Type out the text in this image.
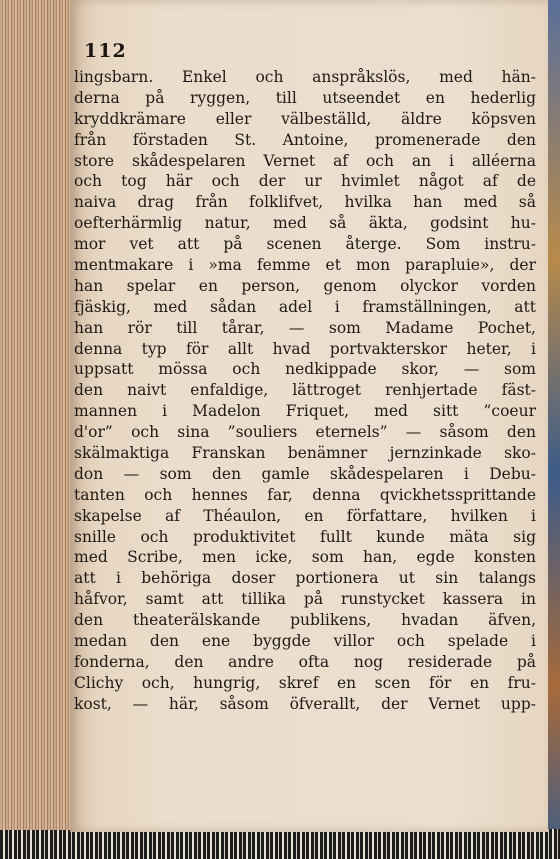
112
lingsbarn. Enkel och anspråkslös, med hän-
derna på ryggen, till utseendet en hederlig
kryddkrämare eller välbeställd, äldre köpsven
från förstaden St. Antoine, promenerade den
store skådespelaren Vernet af och an i alléerna
och tog här och der ur hvimlet något af de
naiva drag från folklifvet, hvilka han med så
oefterhärmlig natur, med så äkta, godsint hu-
mor vet att på scenen återge. Som instru-
mentmakare i »ma femme et mon parapluie», der
han spelar en person, genom olyckor vorden
fjäskig, med sådan adel i framställningen, att
han rör till tårar, — som Madame Pochet,
denna typ för allt hvad portvakterskor heter, i
uppsatt mössa och nedkippade skor, — som
den naivt enfaldige, lättroget renhjertade fäst-
mannen i Madelon Friquet, med sitt ”coeur
d'or” och sina ”souliers eternels” — såsom den
skälmaktiga Franskan benämner jernzinkade sko-
don — som den gamle skådespelaren i Debu-
tanten och hennes far, denna qvickhetssprittande
skapelse af Théaulon, en författare, hvilken i
snille och produktivitet fullt kunde mäta sig
med Scribe, men icke, som han, egde konsten
att i behöriga doser portionera ut sin talangs
håfvor, samt att tillika på runstycket kassera in
den theaterälskande publikens, hvadan äfven,
medan den ene byggde villor och spelade i
fonderna, den andre ofta nog residerade på
Clichy och, hungrig, skref en scen för en fru-
kost, — här, såsom öfverallt, der Vernet upp-
